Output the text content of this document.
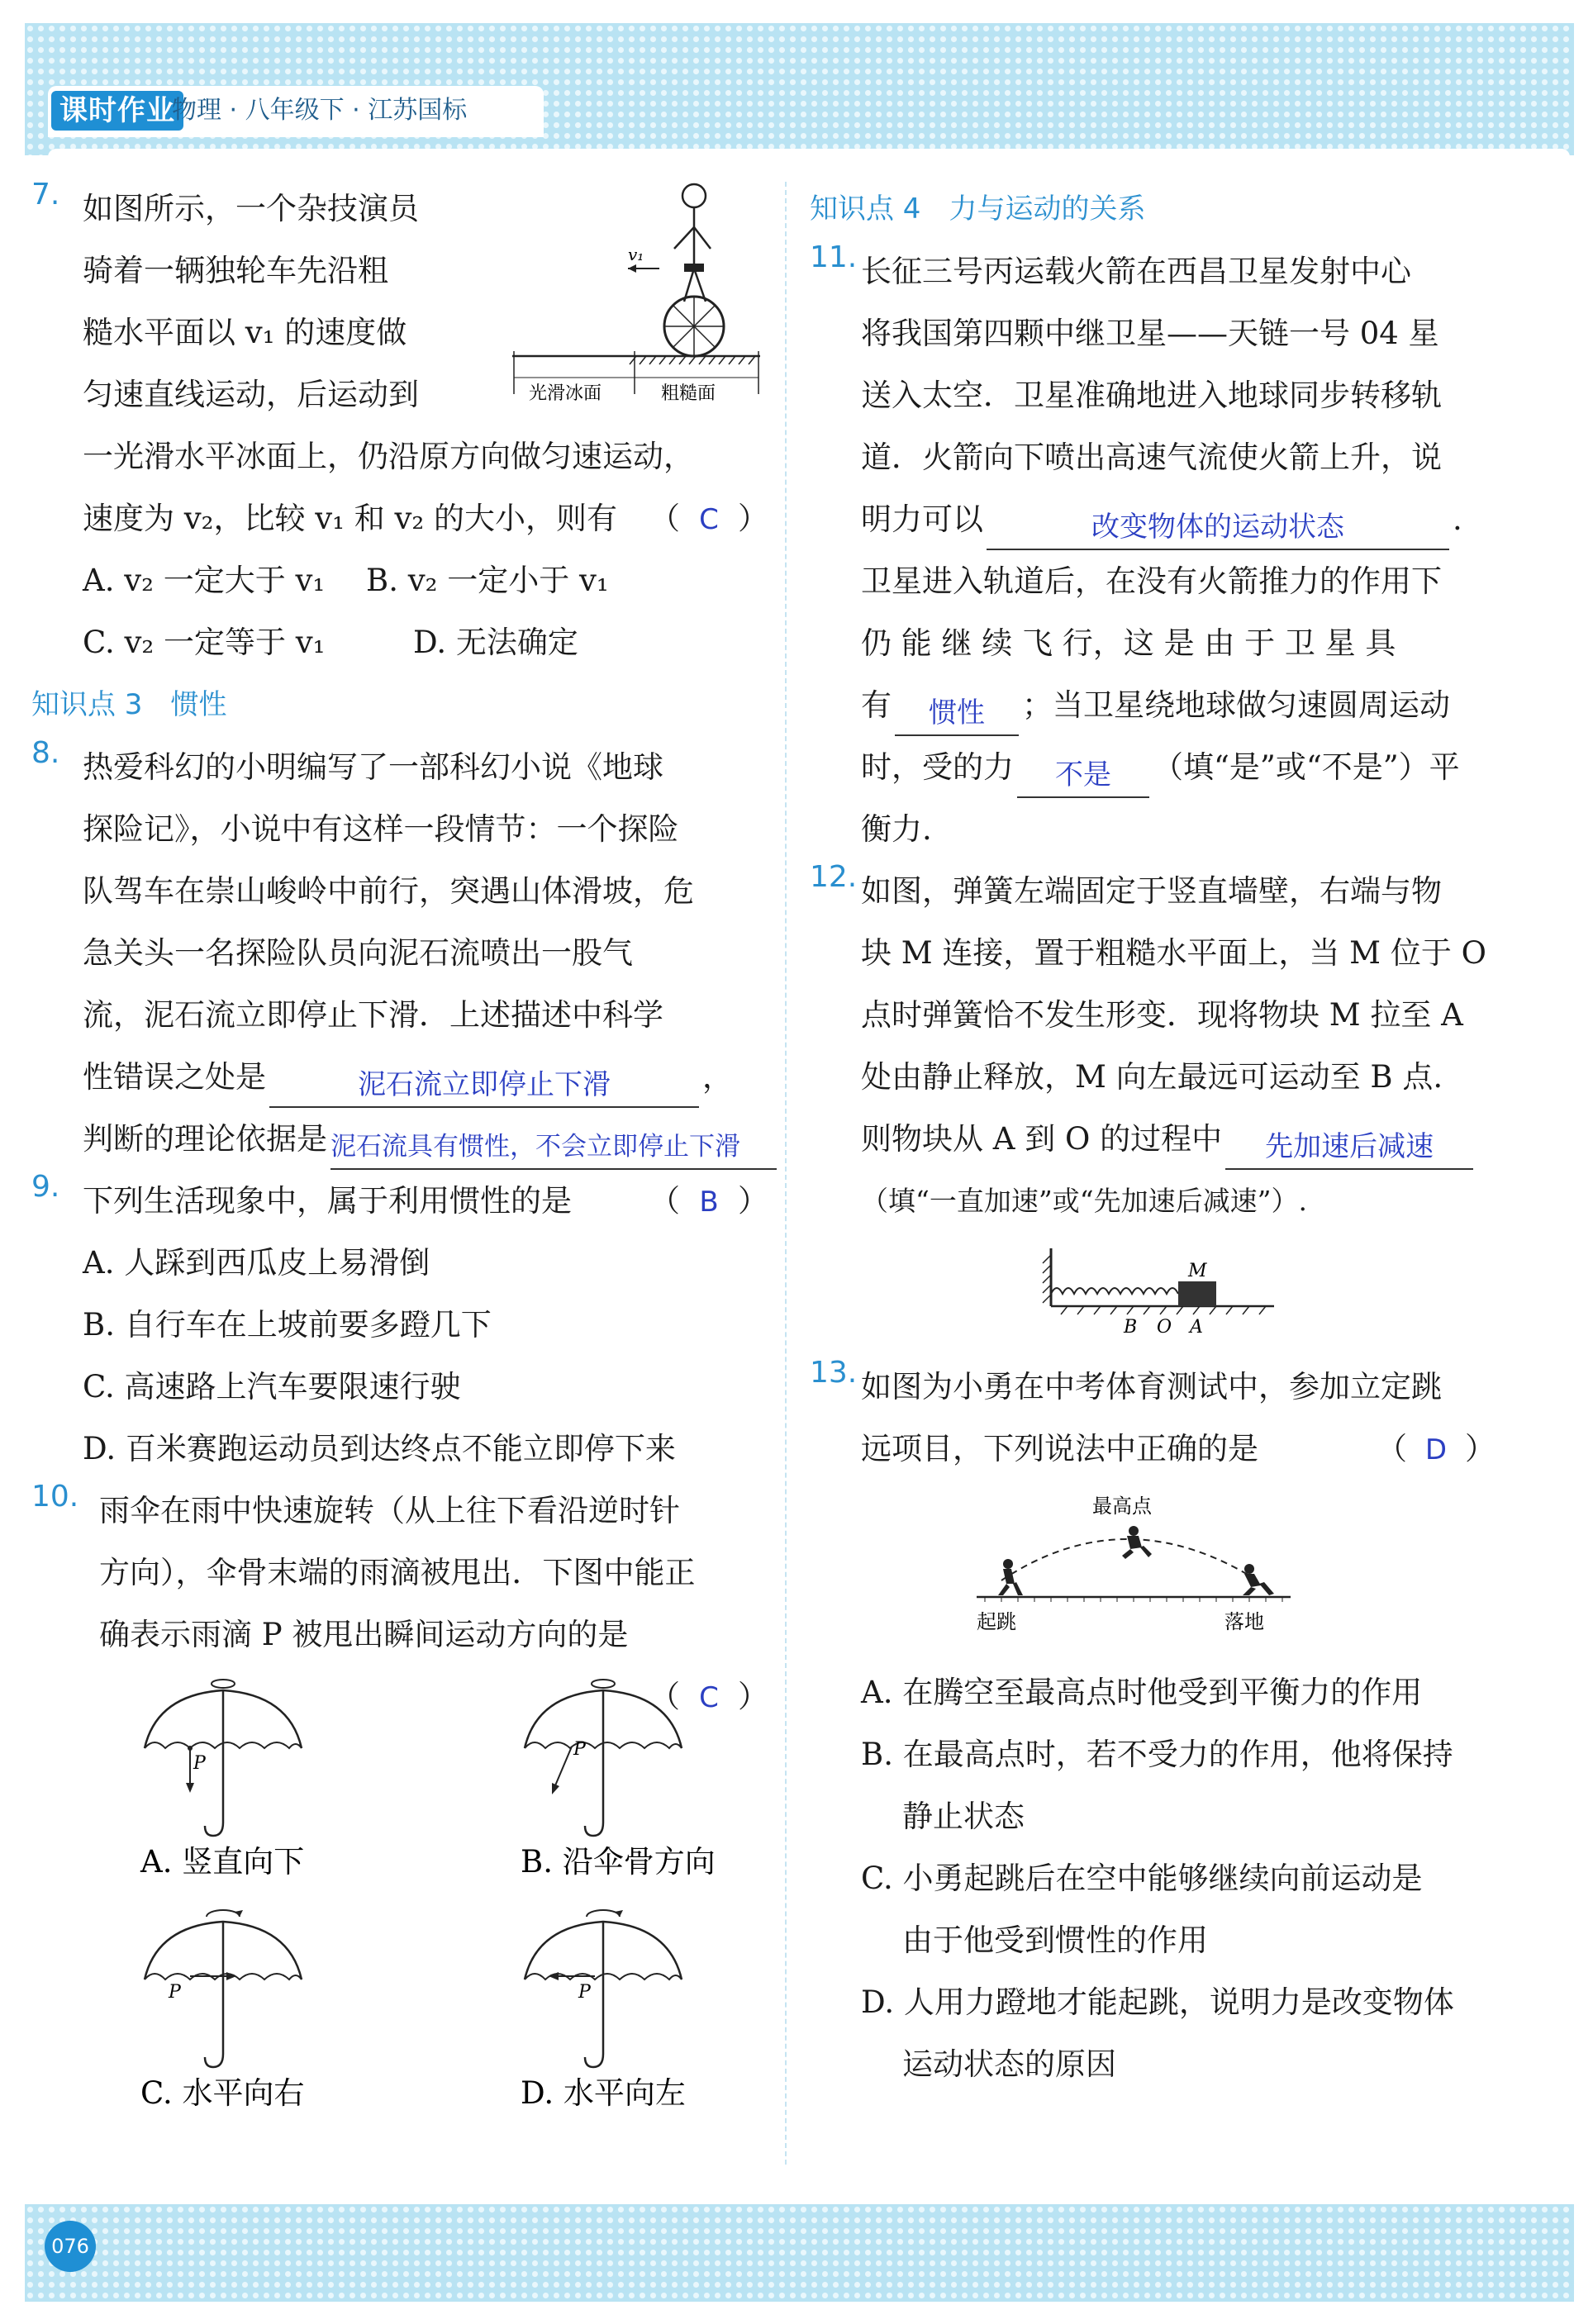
课时作业
物理 · 八年级下 · 江苏国标
7.
v₁
光滑冰面	粗糙面
如图所示，一个杂技演员
骑着一辆独轮车先沿粗
糙水平面以 v₁ 的速度做
匀速直线运动，后运动到
一光滑水平冰面上，仍沿原方向做匀速运动，
速度为 v₂，比较 v₁ 和 v₂ 的大小，则有 （ C ）
A. v₂ 一定大于 v₁	B. v₂ 一定小于 v₁
C. v₂ 一定等于 v₁	D. 无法确定
知识点 3　惯性
8. 热爱科幻的小明编写了一部科幻小说《地球
探险记》，小说中有这样一段情节：一个探险
队驾车在崇山峻岭中前行，突遇山体滑坡，危
急关头一名探险队员向泥石流喷出一股气
流，泥石流立即停止下滑．上述描述中科学
性错误之处是	泥石流立即停止下滑	，
判断的理论依据是 泥石流具有惯性，不会立即停止下滑
9. 下列生活现象中，属于利用惯性的是	（ B ）
A. 人踩到西瓜皮上易滑倒
B. 自行车在上坡前要多蹬几下
C. 高速路上汽车要限速行驶
D. 百米赛跑运动员到达终点不能立即停下来
10. 雨伞在雨中快速旋转（从上往下看沿逆时针
方向），伞骨末端的雨滴被甩出．下图中能正
确表示雨滴 P 被甩出瞬间运动方向的是
（ C ）
P
A. 竖直向下
P
B. 沿伞骨方向
P
C. 水平向右
P
D. 水平向左
知识点 4　力与运动的关系
11. 长征三号丙运载火箭在西昌卫星发射中心
将我国第四颗中继卫星——天链一号 04 星
送入太空．卫星准确地进入地球同步转移轨
道．火箭向下喷出高速气流使火箭上升，说
明力可以	改变物体的运动状态	.
卫星进入轨道后，在没有火箭推力的作用下
仍 能 继 续 飞 行，这 是 由 于 卫 星 具
有 惯性 ；当卫星绕地球做匀速圆周运动
时，受的力 不是 （填“是”或“不是”）平
衡力.
12. 如图，弹簧左端固定于竖直墙壁，右端与物
块 M 连接，置于粗糙水平面上，当 M 位于 O
点时弹簧恰不发生形变．现将物块 M 拉至 A
处由静止释放，M 向左最远可运动至 B 点.
则物块从 A 到 O 的过程中 先加速后减速
（填“一直加速”或“先加速后减速”）.
M
B O A
13. 如图为小勇在中考体育测试中，参加立定跳
远项目，下列说法中正确的是	（ D ）
最高点
起跳	落地
A. 在腾空至最高点时他受到平衡力的作用
B. 在最高点时，若不受力的作用，他将保持
静止状态
C. 小勇起跳后在空中能够继续向前运动是
由于他受到惯性的作用
D. 人用力蹬地才能起跳，说明力是改变物体
运动状态的原因
076
